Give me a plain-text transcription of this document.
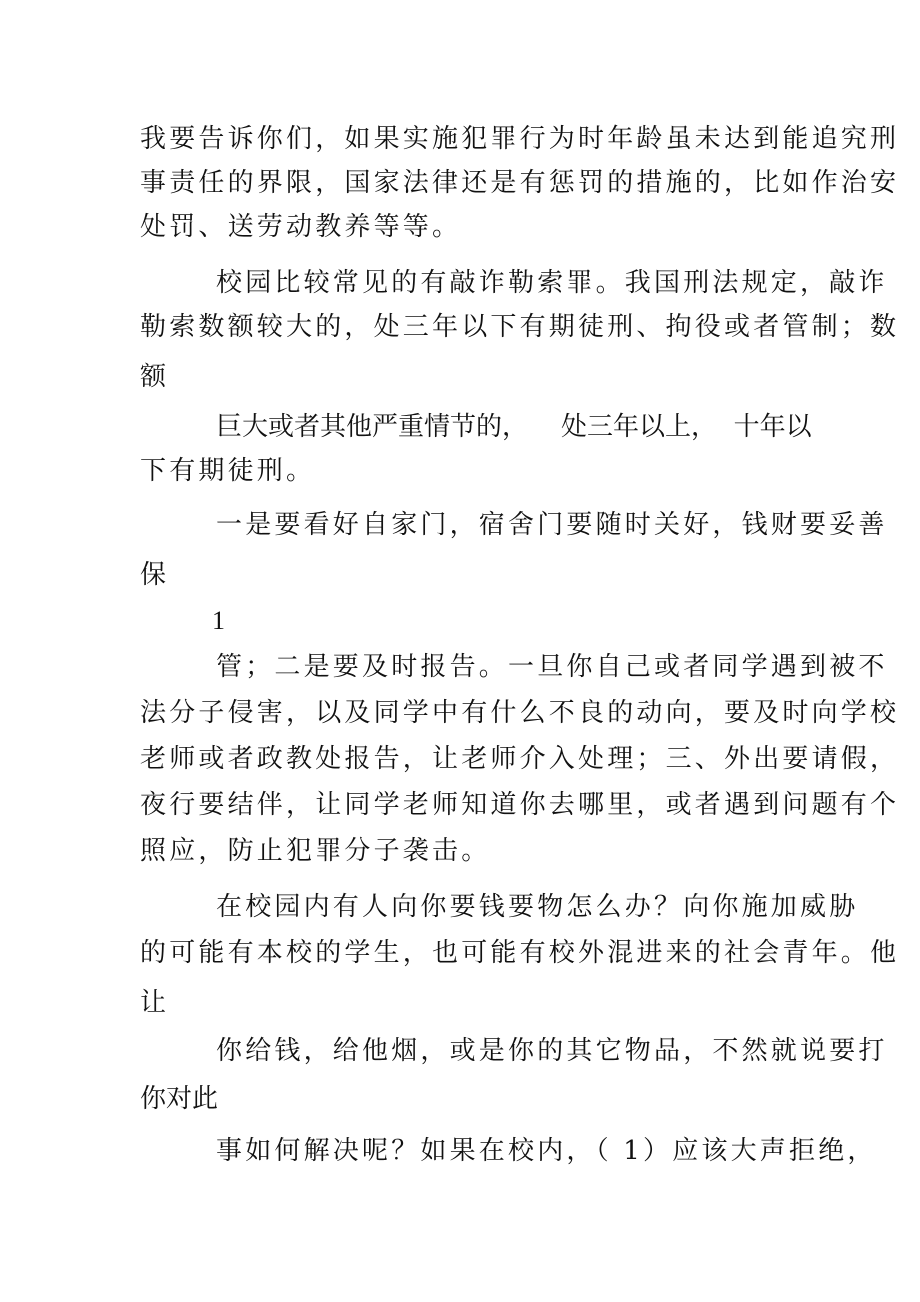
我要告诉你们，如果实施犯罪行为时年龄虽未达到能追究刑
事责任的界限，国家法律还是有惩罚的措施的，比如作治安
处罚、送劳动教养等等。
校园比较常见的有敲诈勒索罪。我国刑法规定，敲诈
勒索数额较大的，处三年以下有期徒刑、拘役或者管制；数
额
巨大或者其他严重情节的，    处三年以上，  十年以
下有期徒刑。
一是要看好自家门，宿舍门要随时关好，钱财要妥善
保
1
管；二是要及时报告。一旦你自己或者同学遇到被不
法分子侵害，以及同学中有什么不良的动向，要及时向学校
老师或者政教处报告，让老师介入处理；三、外出要请假，
夜行要结伴，让同学老师知道你去哪里，或者遇到问题有个
照应，防止犯罪分子袭击。
在校园内有人向你要钱要物怎么办？向你施加威胁
的可能有本校的学生，也可能有校外混进来的社会青年。他
让
你给钱，给他烟，或是你的其它物品，不然就说要打
你对此
事如何解决呢？如果在校内，（ 1）应该大声拒绝，
